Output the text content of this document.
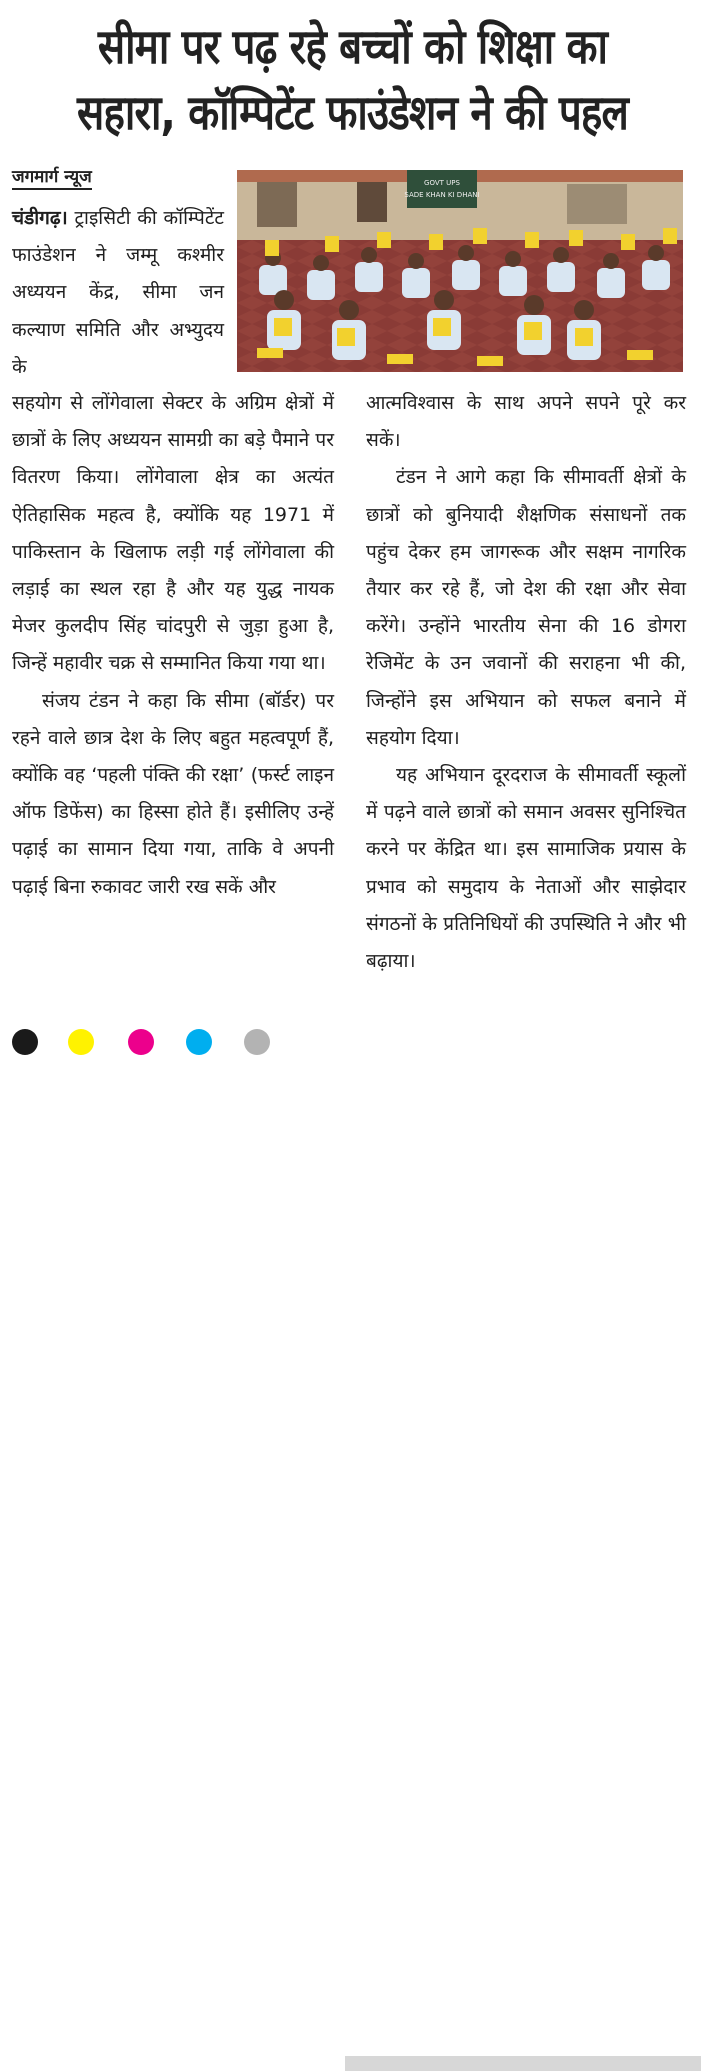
सीमा पर पढ़ रहे बच्चों को शिक्षा का
सहारा, कॉम्पिटेंट फाउंडेशन ने की पहल
जगमार्ग न्यूज	GOVT UPS
SADE KHAN KI DHANI

चंडीगढ़। ट्राइसिटी की कॉम्पिटेंट फाउंडेशन ने जम्मू कश्मीर अध्ययन केंद्र, सीमा जन कल्याण समिति और अभ्युदय के

सहयोग से लोंगेवाला सेक्टर के अग्रिम क्षेत्रों में छात्रों के लिए अध्ययन सामग्री का बड़े पैमाने पर वितरण किया। लोंगेवाला क्षेत्र का अत्यंत ऐतिहासिक महत्व है, क्योंकि यह 1971 में पाकिस्तान के खिलाफ लड़ी गई लोंगेवाला की लड़ाई का स्थल रहा है और यह युद्ध नायक मेजर कुलदीप सिंह चांदपुरी से जुड़ा हुआ है, जिन्हें महावीर चक्र से सम्मानित किया गया था।

संजय टंडन ने कहा कि सीमा (बॉर्डर) पर रहने वाले छात्र देश के लिए बहुत महत्वपूर्ण हैं, क्योंकि वह ‘पहली पंक्ति की रक्षा’ (फर्स्ट लाइन ऑफ डिफेंस) का हिस्सा होते हैं। इसीलिए उन्हें पढ़ाई का सामान दिया गया, ताकि वे अपनी पढ़ाई बिना रुकावट जारी रख सकें और

आत्मविश्वास के साथ अपने सपने पूरे कर सकें।

टंडन ने आगे कहा कि सीमावर्ती क्षेत्रों के छात्रों को बुनियादी शैक्षणिक संसाधनों तक पहुंच देकर हम जागरूक और सक्षम नागरिक तैयार कर रहे हैं, जो देश की रक्षा और सेवा करेंगे। उन्होंने भारतीय सेना की 16 डोगरा रेजिमेंट के उन जवानों की सराहना भी की, जिन्होंने इस अभियान को सफल बनाने में सहयोग दिया।

यह अभियान दूरदराज के सीमावर्ती स्कूलों में पढ़ने वाले छात्रों को समान अवसर सुनिश्चित करने पर केंद्रित था। इस सामाजिक प्रयास के प्रभाव को समुदाय के नेताओं और साझेदार संगठनों के प्रतिनिधियों की उपस्थिति ने और भी बढ़ाया।
